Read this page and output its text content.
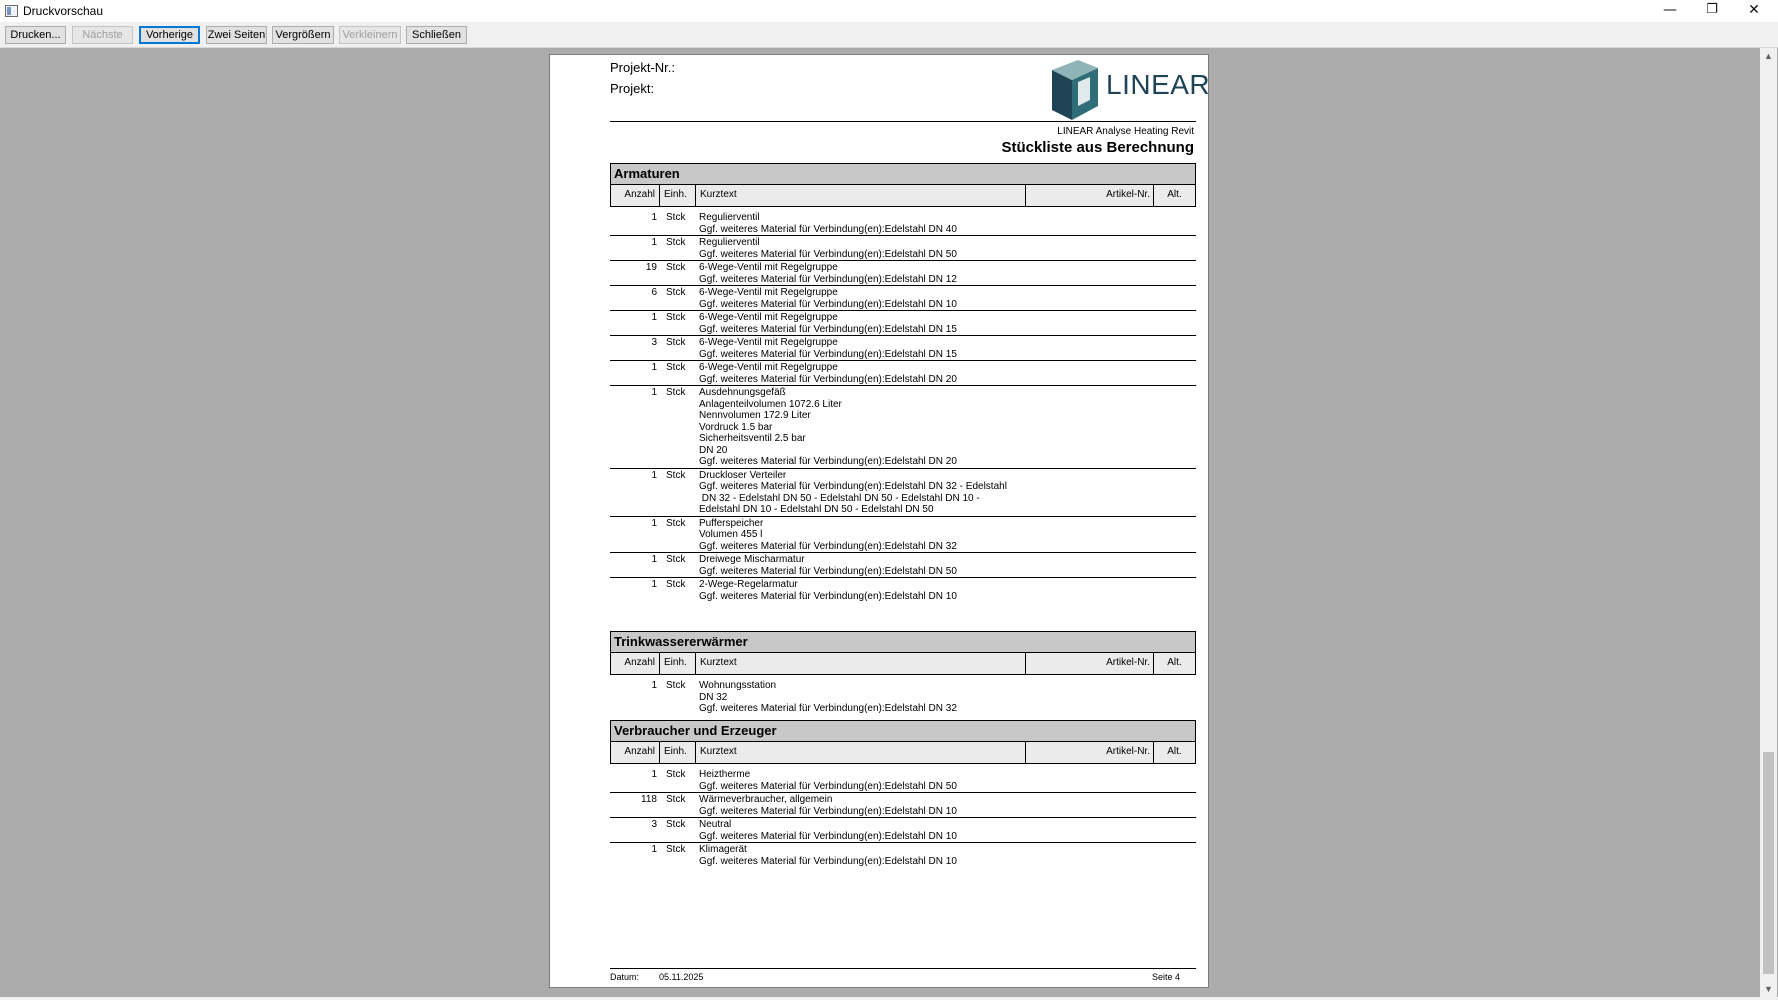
Druckvorschau	—	❐	✕
Drucken...	Nächste	Vorherige	Zwei Seiten Vergrößern	Verkleinern	Schließen
▲
▼
Projekt-Nr.:
Projekt:	LINEAR
LINEAR Analyse Heating Revit
Stückliste aus Berechnung
Armaturen
Anzahl Einh.	Kurztext	Artikel-Nr.	Alt.
1 Stck Regulierventil
Ggf. weiteres Material für Verbindung(en):Edelstahl DN 40
1 Stck Regulierventil
Ggf. weiteres Material für Verbindung(en):Edelstahl DN 50
19 Stck 6-Wege-Ventil mit Regelgruppe
Ggf. weiteres Material für Verbindung(en):Edelstahl DN 12
6 Stck 6-Wege-Ventil mit Regelgruppe
Ggf. weiteres Material für Verbindung(en):Edelstahl DN 10
1 Stck 6-Wege-Ventil mit Regelgruppe
Ggf. weiteres Material für Verbindung(en):Edelstahl DN 15
3 Stck 6-Wege-Ventil mit Regelgruppe
Ggf. weiteres Material für Verbindung(en):Edelstahl DN 15
1 Stck 6-Wege-Ventil mit Regelgruppe
Ggf. weiteres Material für Verbindung(en):Edelstahl DN 20
1 Stck Ausdehnungsgefäß
Anlagenteilvolumen 1072.6 Liter
Nennvolumen 172.9 Liter
Vordruck 1.5 bar
Sicherheitsventil 2.5 bar
DN 20
Ggf. weiteres Material für Verbindung(en):Edelstahl DN 20
1 Stck Druckloser Verteiler
Ggf. weiteres Material für Verbindung(en):Edelstahl DN 32 - Edelstahl
DN 32 - Edelstahl DN 50 - Edelstahl DN 50 - Edelstahl DN 10 -
Edelstahl DN 10 - Edelstahl DN 50 - Edelstahl DN 50
1 Stck Pufferspeicher
Volumen 455 l
Ggf. weiteres Material für Verbindung(en):Edelstahl DN 32
1 Stck Dreiwege Mischarmatur
Ggf. weiteres Material für Verbindung(en):Edelstahl DN 50
1 Stck 2-Wege-Regelarmatur
Ggf. weiteres Material für Verbindung(en):Edelstahl DN 10
Trinkwassererwärmer
Anzahl Einh.	Kurztext	Artikel-Nr.	Alt.
1 Stck Wohnungsstation
DN 32
Ggf. weiteres Material für Verbindung(en):Edelstahl DN 32
Verbraucher und Erzeuger
Anzahl Einh.	Kurztext	Artikel-Nr.	Alt.
1 Stck Heiztherme
Ggf. weiteres Material für Verbindung(en):Edelstahl DN 50
118 Stck Wärmeverbraucher, allgemein
Ggf. weiteres Material für Verbindung(en):Edelstahl DN 10
3 Stck Neutral
Ggf. weiteres Material für Verbindung(en):Edelstahl DN 10
1 Stck Klimagerät
Ggf. weiteres Material für Verbindung(en):Edelstahl DN 10
Datum: 05.11.2025	Seite 4
